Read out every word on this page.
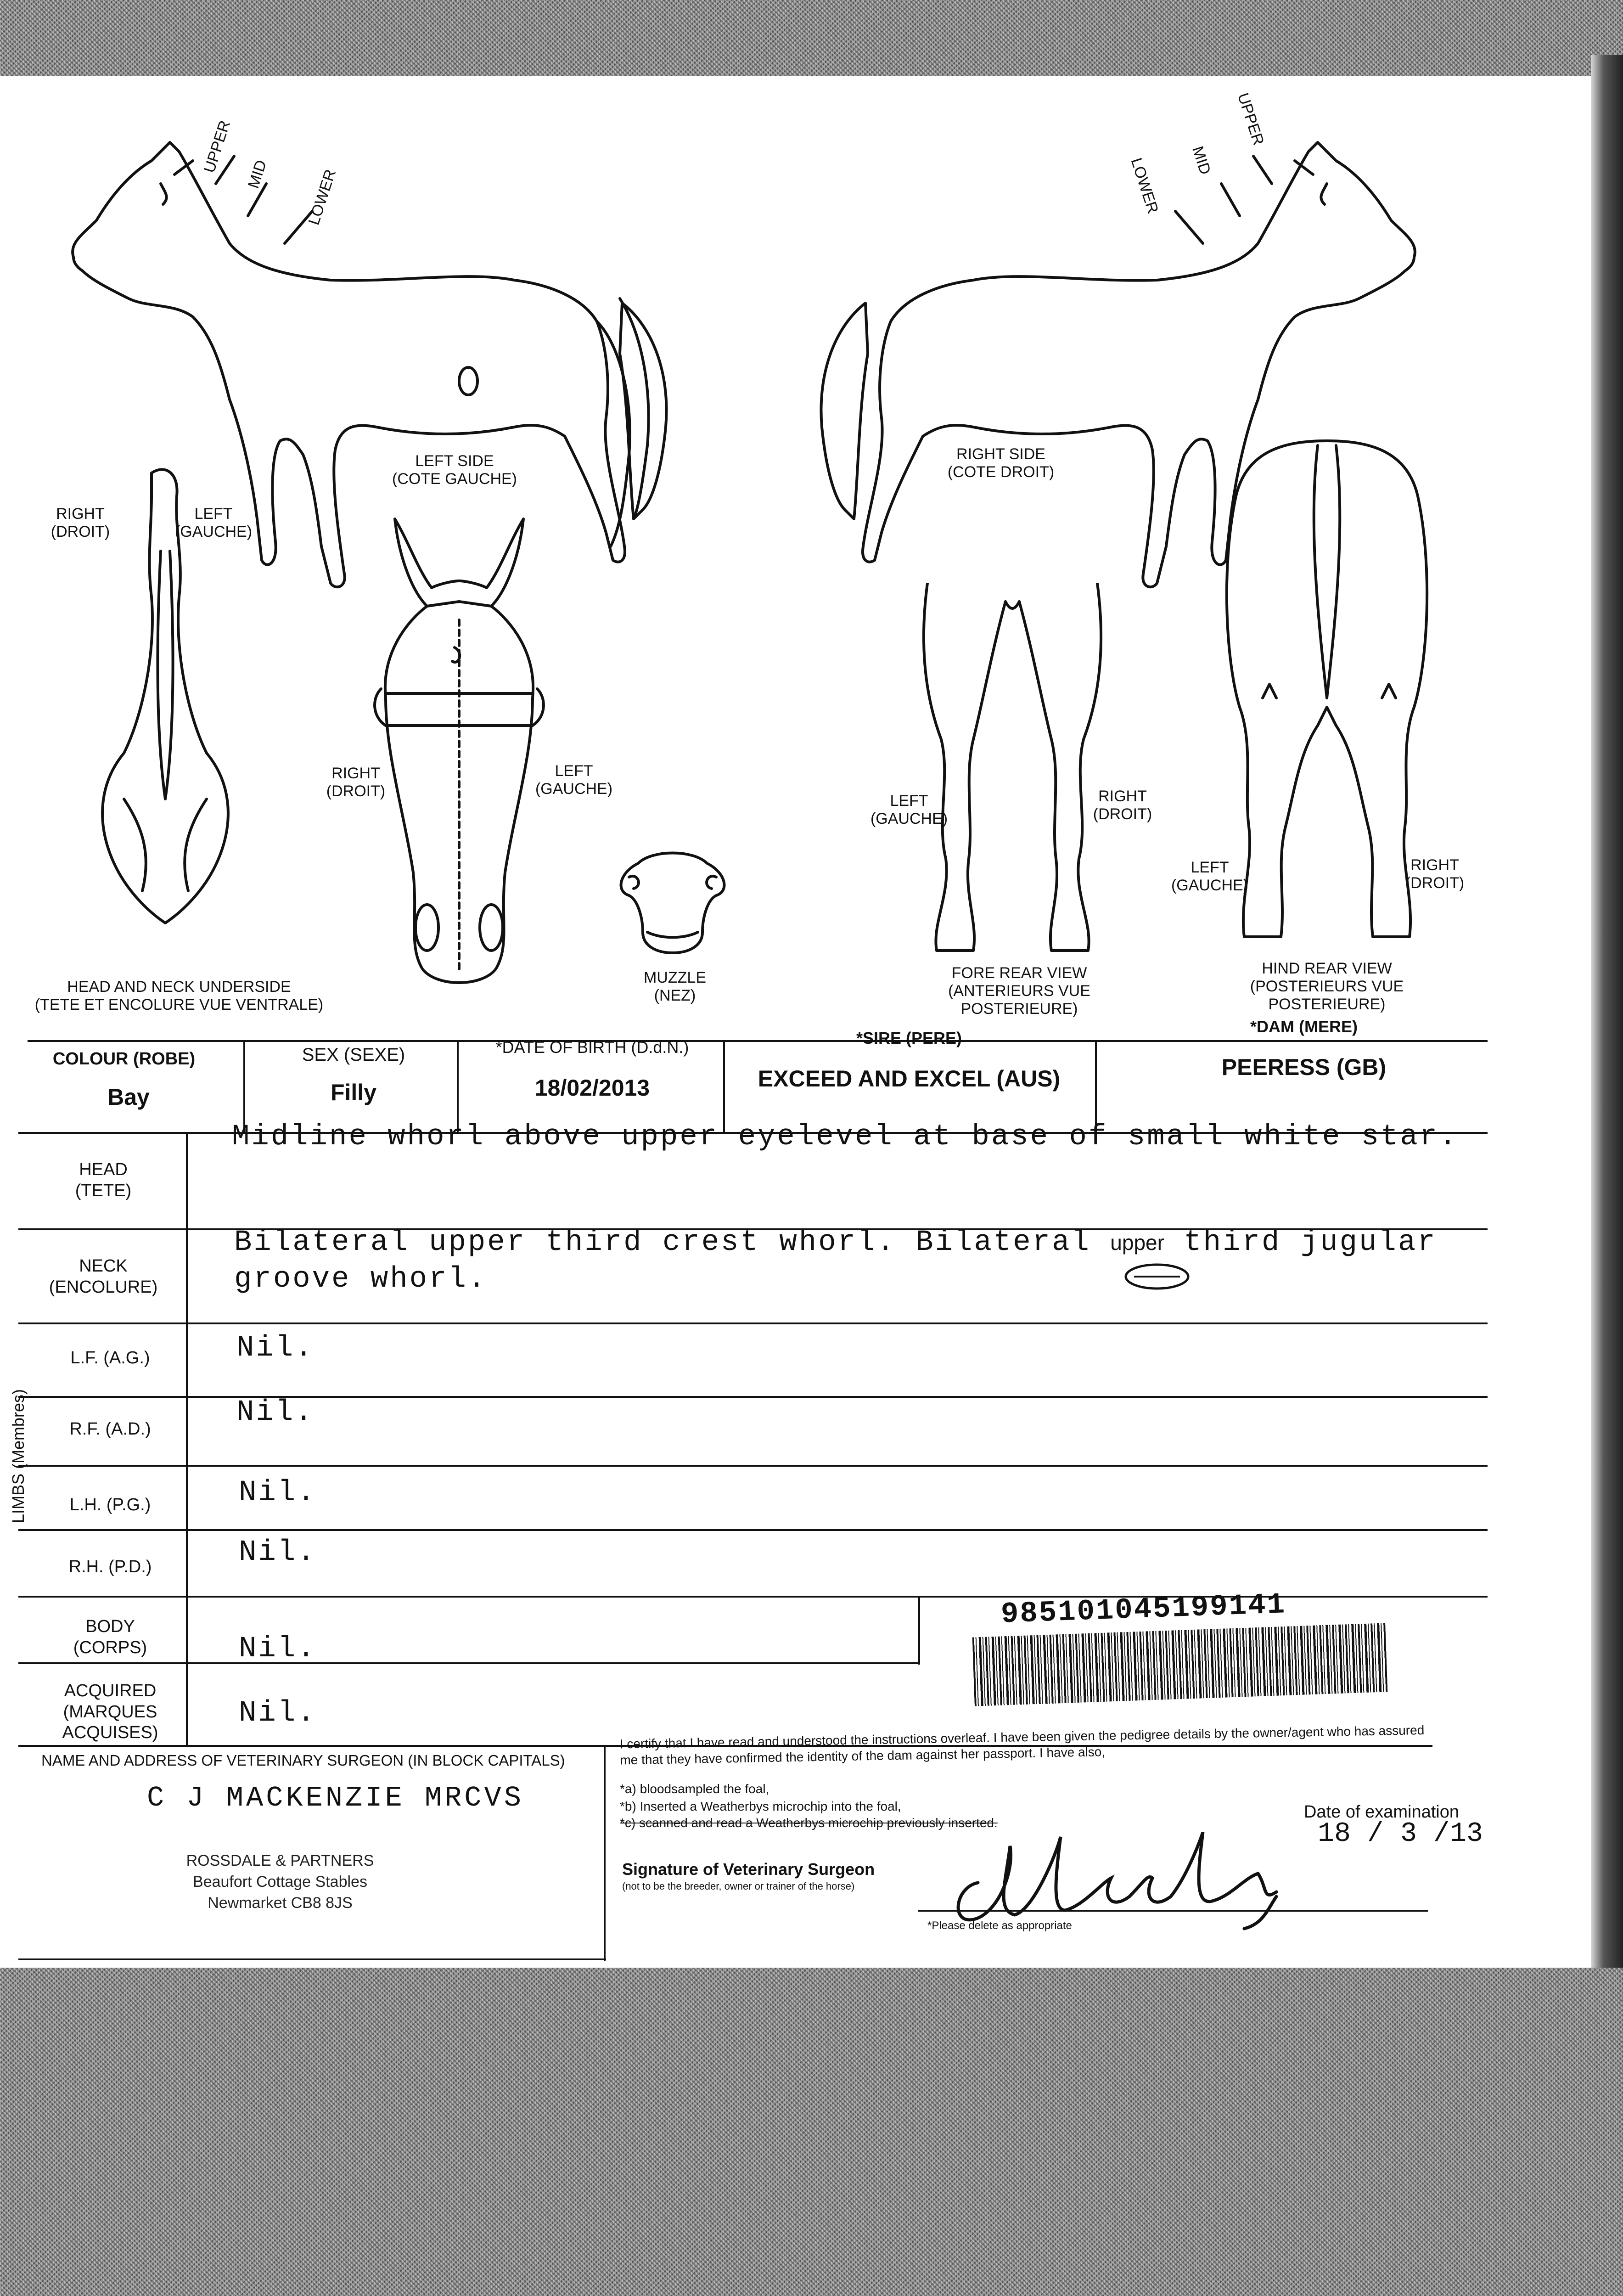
UPPER MID LOWER
UPPER
MID
LOWER
LEFT SIDE
(COTE GAUCHE)
RIGHT SIDE
(COTE DROIT)
RIGHT
(DROIT)
LEFT
(GAUCHE)
RIGHT
(DROIT)
LEFT
(GAUCHE)
LEFT
(GAUCHE)
RIGHT
(DROIT)
LEFT
(GAUCHE)
RIGHT
(DROIT)
HEAD AND NECK UNDERSIDE
(TETE ET ENCOLURE VUE VENTRALE)
MUZZLE
(NEZ)
FORE REAR VIEW
(ANTERIEURS VUE
POSTERIEURE)
HIND REAR VIEW
(POSTERIEURS VUE
POSTERIEURE)
COLOUR (ROBE)
Bay
SEX (SEXE)
Filly
*DATE OF BIRTH (D.d.N.)
18/02/2013
*SIRE (PERE)
EXCEED AND EXCEL (AUS)
*DAM (MERE)
PEERESS (GB)
HEAD
(TETE)
Midline whorl above upper eyelevel at base of small white star.
NECK
(ENCOLURE)
Bilateral upper third crest whorl. Bilateral upper third jugular
groove whorl.
LIMBS (Membres)
L.F. (A.G.)	Nil.
R.F. (A.D.)	Nil.
L.H. (P.G.)	Nil.
R.H. (P.D.)	Nil.
BODY
(CORPS)	Nil.
ACQUIRED
(MARQUES
ACQUISES)
Nil.
985101045199141
NAME AND ADDRESS OF VETERINARY SURGEON (IN BLOCK CAPITALS)
C J MACKENZIE MRCVS
ROSSDALE & PARTNERS
Beaufort Cottage Stables
Newmarket CB8 8JS
I certify that I have read and understood the instructions overleaf. I have been given the pedigree details by the owner/agent who has assured me that they have confirmed the identity of the dam against her passport. I have also,
*a) bloodsampled the foal,
*b) Inserted a Weatherbys microchip into the foal,
*c) scanned and read a Weatherbys microchip previously inserted.
Date of examination
18 / 3 /13
Signature of Veterinary Surgeon
(not to be the breeder, owner or trainer of the horse)
*Please delete as appropriate
